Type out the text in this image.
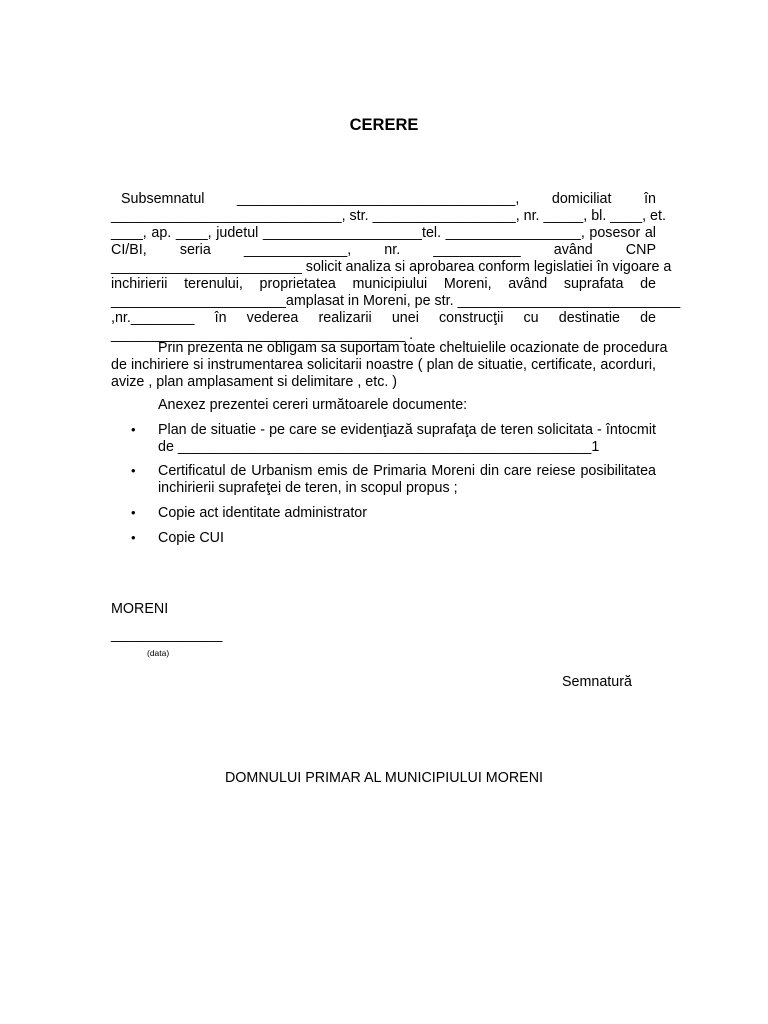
CERERE
Subsemnatul ___________________________________, domiciliat în
_____________________________, str. __________________, nr. _____, bl. ____, et.
____, ap. ____, judetul ____________________tel. _________________, posesor al
CI/BI, seria _____________, nr. ___________ având CNP
________________________ solicit analiza si aprobarea conform legislatiei în vigoare a
inchirierii terenului, proprietatea municipiului Moreni, având suprafata de
______________________amplasat in Moreni, pe str. ____________________________
,nr.________ în vederea realizarii unei construcţii cu destinatie de
_____________________________________ .
Prin prezenta ne obligam sa suportam toate cheltuielile ocazionate de procedura
de inchiriere si instrumentarea solicitarii noastre ( plan de situatie, certificate, acorduri,
avize , plan amplasament si delimitare , etc. )
Anexez prezentei cereri următoarele documente:
• Plan de situatie - pe care se evidenţiază suprafaţa de teren solicitata - întocmit
de ____________________________________________________1
• Certificatul de Urbanism emis de Primaria Moreni din care reiese posibilitatea
inchirierii suprafeţei de teren, in scopul propus ;
• Copie act identitate administrator
• Copie CUI
MORENI
______________
(data)
Semnatură
DOMNULUI PRIMAR AL MUNICIPIULUI MORENI
